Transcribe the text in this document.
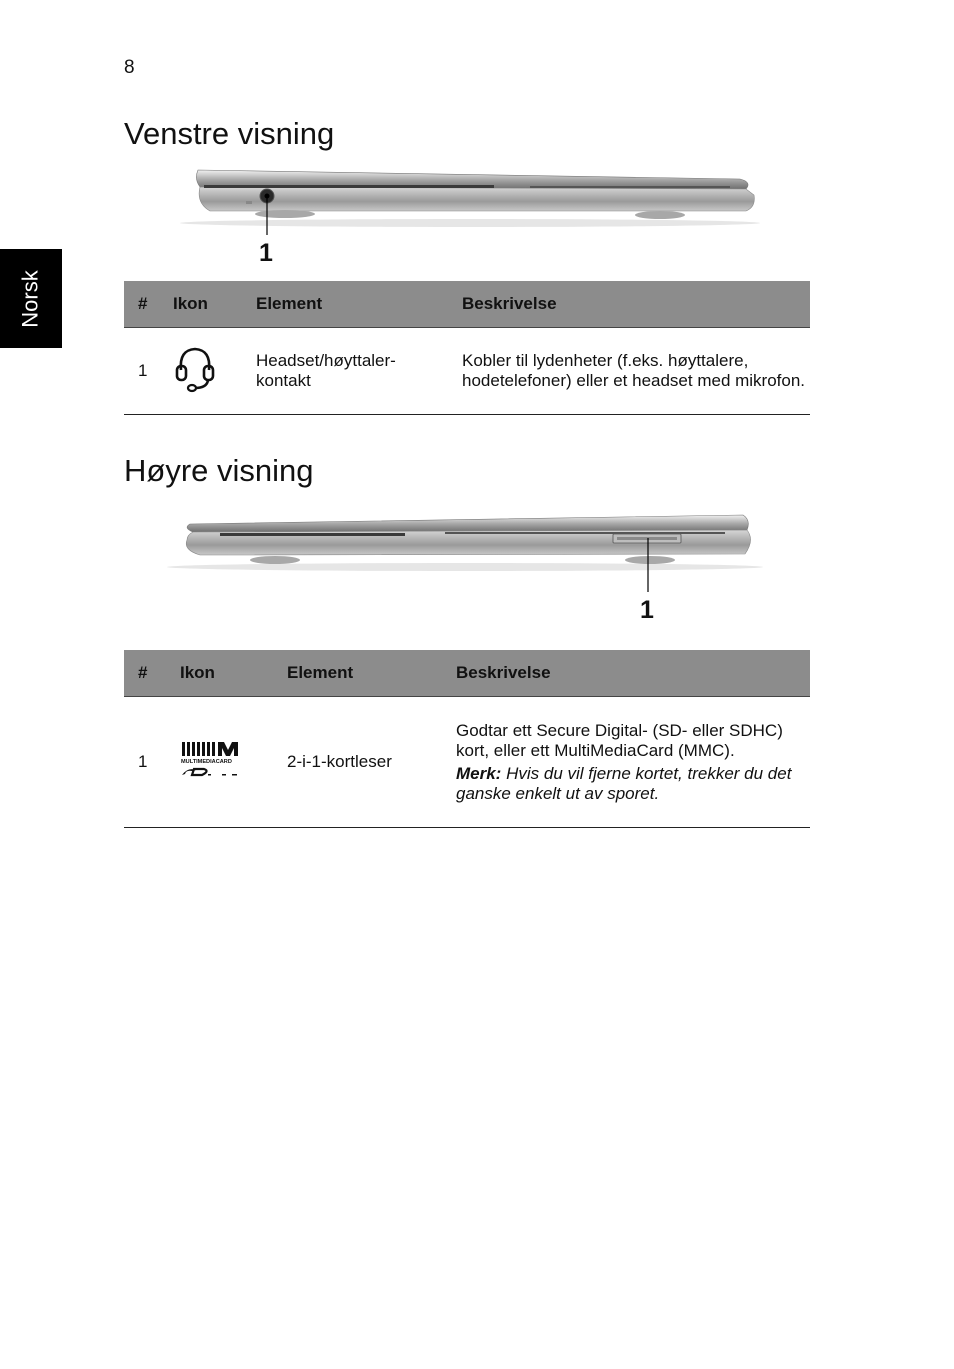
8
Norsk
Venstre visning
1
#	Ikon	Element	Beskrivelse
1		Headset/høyttaler-kontakt	Kobler til lydenheter (f.eks. høyttalere, hodetelefoner) eller et headset med mikrofon.
Høyre visning
1
#	Ikon	Element	Beskrivelse
1	MULTIMEDIACARD	2-i-1-kortleser	Godtar ett Secure Digital- (SD- eller SDHC) kort, eller ett MultiMediaCard (MMC).
Merk: Hvis du vil fjerne kortet, trekker du det ganske enkelt ut av sporet.
